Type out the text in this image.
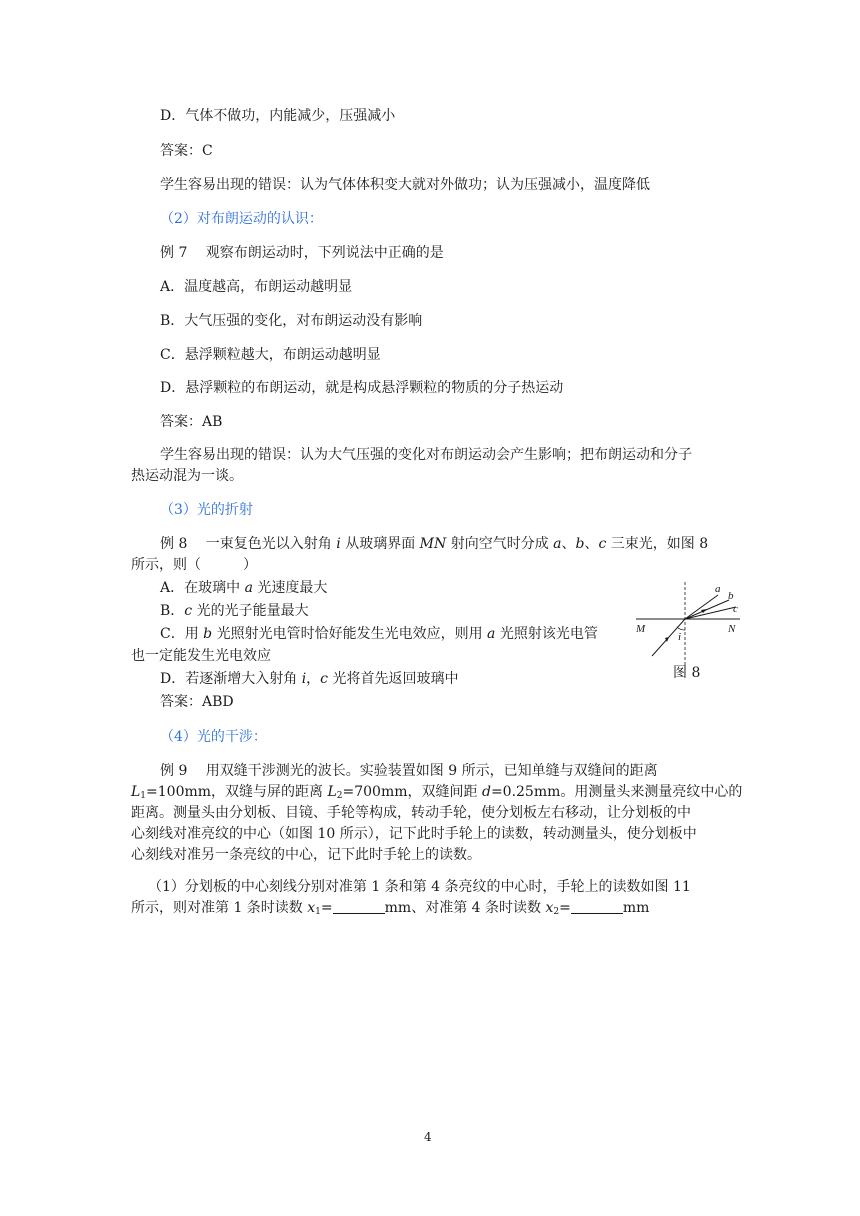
D．气体不做功，内能减少，压强减小
答案：C
学生容易出现的错误：认为气体体积变大就对外做功；认为压强减小，温度降低
（2）对布朗运动的认识：
例 7　 观察布朗运动时，下列说法中正确的是
A．温度越高，布朗运动越明显
B．大气压强的变化，对布朗运动没有影响
C．悬浮颗粒越大，布朗运动越明显
D．悬浮颗粒的布朗运动，就是构成悬浮颗粒的物质的分子热运动
答案：AB
学生容易出现的错误：认为大气压强的变化对布朗运动会产生影响；把布朗运动和分子
热运动混为一谈。
（3）光的折射
例 8　 一束复色光以入射角 i 从玻璃界面 MN 射向空气时分成 a、b、c 三束光，如图 8
所示，则（　　　）
A．在玻璃中 a 光速度最大
B．c 光的光子能量最大
C．用 b 光照射光电管时恰好能发生光电效应，则用 a 光照射该光电管
也一定能发生光电效应
D．若逐渐增大入射角 i，c 光将首先返回玻璃中
答案：ABD
a
b
c
M	N
i
图 8
（4）光的干涉：
例 9　 用双缝干涉测光的波长。实验装置如图 9 所示，已知单缝与双缝间的距离
$L_1=100mm$，双缝与屏的距离 $L_2=700mm$，双缝间距 d=0.25mm。用测量头来测量亮纹中心的
距离。测量头由分划板、目镜、手轮等构成，转动手轮，使分划板左右移动，让分划板的中
心刻线对准亮纹的中心（如图 10 所示），记下此时手轮上的读数，转动测量头，使分划板中
心刻线对准另一条亮纹的中心，记下此时手轮上的读数。
（1）分划板的中心刻线分别对准第 1 条和第 4 条亮纹的中心时，手轮上的读数如图 11
所示，则对准第 1 条时读数 $x_1=$	mm、对准第 4 条时读数 $x_2=$	mm
4
